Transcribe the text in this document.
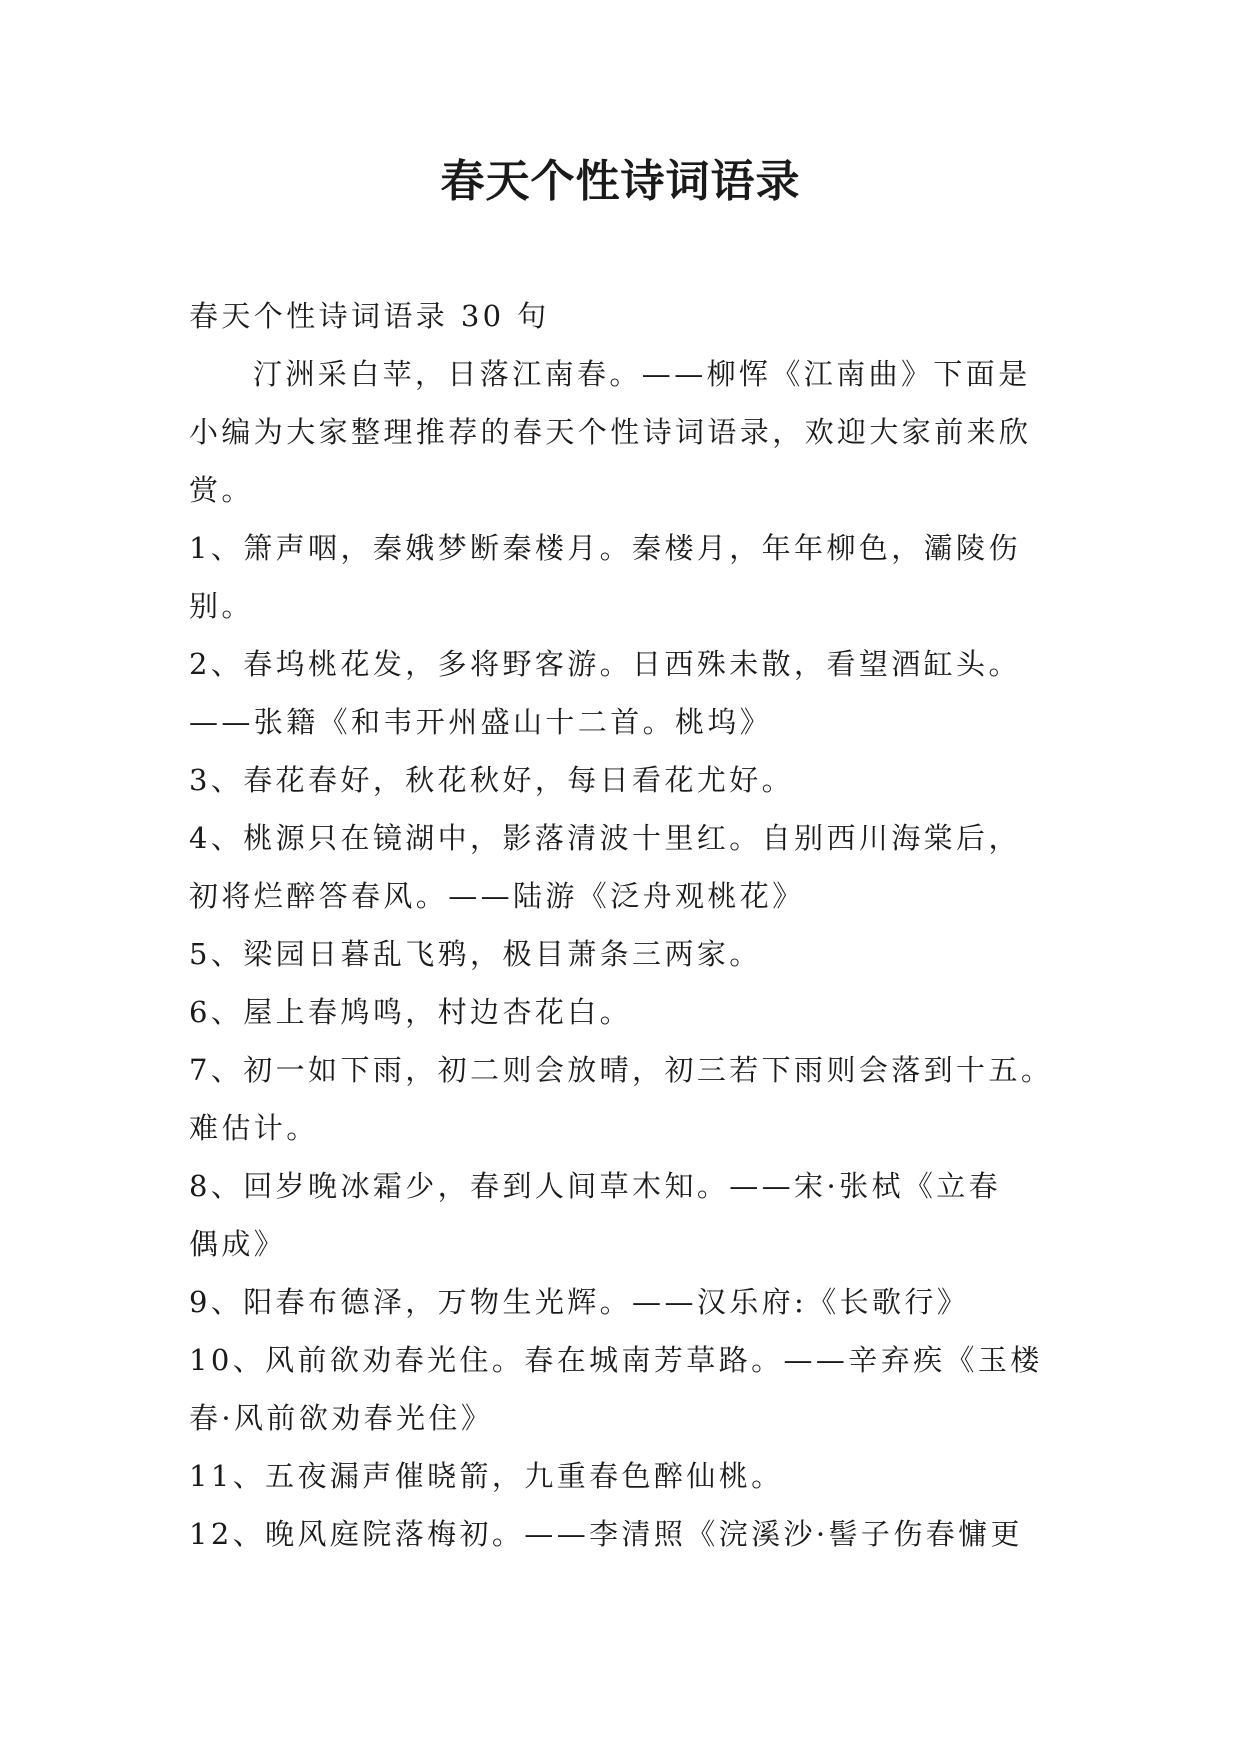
春天个性诗词语录

春天个性诗词语录 30 句

汀洲采白苹，日落江南春。——柳恽《江南曲》下面是

小编为大家整理推荐的春天个性诗词语录，欢迎大家前来欣

赏。

1、箫声咽，秦娥梦断秦楼月。秦楼月，年年柳色，灞陵伤

别。

2、春坞桃花发，多将野客游。日西殊未散，看望酒缸头。

——张籍《和韦开州盛山十二首。桃坞》

3、春花春好，秋花秋好，每日看花尤好。

4、桃源只在镜湖中，影落清波十里红。自别西川海棠后，

初将烂醉答春风。——陆游《泛舟观桃花》

5、梁园日暮乱飞鸦，极目萧条三两家。

6、屋上春鸠鸣，村边杏花白。

7、初一如下雨，初二则会放晴，初三若下雨则会落到十五。

难估计。

8、回岁晚冰霜少，春到人间草木知。——宋·张栻《立春

偶成》

9、阳春布德泽，万物生光辉。——汉乐府:《长歌行》

10、风前欲劝春光住。春在城南芳草路。——辛弃疾《玉楼

春·风前欲劝春光住》

11、五夜漏声催晓箭，九重春色醉仙桃。

12、晚风庭院落梅初。——李清照《浣溪沙·髻子伤春慵更
